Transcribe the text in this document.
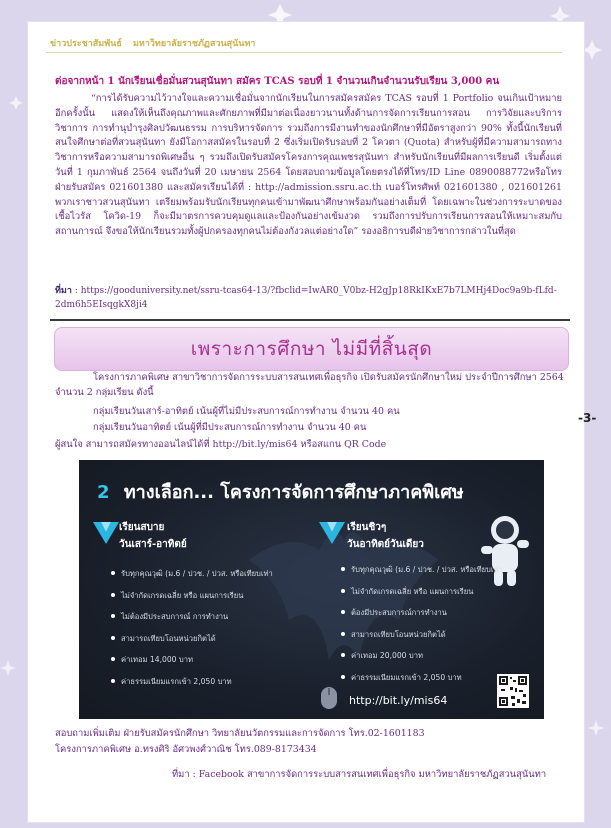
ข่าวประชาสัมพันธ์ มหาวิทยาลัยราชภัฏสวนสุนันทา
ต่อจากหน้า 1 นักเรียนเชื่อมั่นสวนสุนันทา สมัคร TCAS รอบที่ 1 จำนวนเกินจำนวนรับเรียน 3,000 คน

“การได้รับความไว้วางใจและความเชื่อมั่นจากนักเรียนในการสมัครสมัคร TCAS รอบที่ 1 Portfolio จนเกินเป้าหมายอีกครั้งนั้น แสดงให้เห็นถึงคุณภาพและศักยภาพที่มีมาต่อเนื่องยาวนานทั้งด้านการจัดการเรียนการสอน การวิจัยและบริการวิชาการ การทำนุบำรุงศิลปวัฒนธรรม การบริหารจัดการ รวมถึงการมีงานทำของนักศึกษาที่มีอัตราสูงกว่า 90% ทั้งนี้นักเรียนที่สนใจศึกษาต่อที่สวนสุนันทา ยังมีโอกาสสมัครในรอบที่ 2 ซึ่งเริ่มเปิดรับรอบที่ 2 โควตา (Quota) สำหรับผู้ที่มีความสามารถทางวิชาการหรือความสามารถพิเศษอื่น ๆ รวมถึงเปิดรับสมัครโครงการคุณเพชรสุนันทา สำหรับนักเรียนที่มีผลการเรียนดี เริ่มตั้งแต่วันที่ 1 กุมภาพันธ์ 2564 จนถึงวันที่ 20 เมษายน 2564 โดยสอบถามข้อมูลโดยตรงได้ที่โทร/ID Line 0890088772หรือโทรฝ่ายรับสมัคร 021601380 และสมัครเรียนได้ที่ : http://admission.ssru.ac.th เบอร์โทรศัพท์ 021601380 , 021601261 พวกเราชาวสวนสุนันทา เตรียมพร้อมรับนักเรียนทุกคนเข้ามาพัฒนาศึกษาพร้อมกันอย่างเต็มที่ โดยเฉพาะในช่วงการระบาดของเชื้อไวรัส โควิด-19 ก็จะมีมาตรการควบคุมดูแลและป้องกันอย่างเข้มงวด รวมถึงการปรับการเรียนการสอนให้เหมาะสมกับสถานการณ์ จึงขอให้นักเรียนรวมทั้งผู้ปกครองทุกคนไม่ต้องกังวลแต่อย่างใด” รองอธิการบดีฝ่ายวิชาการกล่าวในที่สุด

ที่มา : https://gooduniversity.net/ssru-tcas64-13/?fbclid=IwAR0_V0bz-H2gJp18RkIKxE7b7LMHj4Doc9a9b-fLfd-2dm6h5EIsqgkX8ji4

เพราะการศึกษา ไม่มีที่สิ้นสุด

โครงการภาคพิเศษ สาขาวิชาการจัดการระบบสารสนเทศเพื่อธุรกิจ เปิดรับสมัครนักศึกษาใหม่ ประจำปีการศึกษา 2564 จำนวน 2 กลุ่มเรียน ดังนี้

กลุ่มเรียนวันเสาร์-อาทิตย์ เน้นผู้ที่ไม่มีประสบการณ์การทำงาน จำนวน 40 คน
กลุ่มเรียนวันอาทิตย์ เน้นผู้ที่มีประสบการณ์การทำงาน จำนวน 40 คน
ผู้สนใจ สามารถสมัครทางออนไลน์ได้ที่ http://bit.ly/mis64 หรือสแกน QR Code
-3-
2 ทางเลือก... โครงการจัดการศึกษาภาคพิเศษ
เรียนสบาย
วันเสาร์-อาทิตย์
รับทุกคุณวุฒิ (ม.6 / ปวช. / ปวส. หรือเทียบเท่า
ไม่จำกัดเกรดเฉลี่ย หรือ แผนการเรียน
ไม่ต้องมีประสบการณ์ การทำงาน
สามารถเทียบโอนหน่วยกิตได้
ค่าเทอม 14,000 บาท
ค่าธรรมเนียมแรกเข้า 2,050 บาท
เรียนชิวๆ
วันอาทิตย์วันเดียว
รับทุกคุณวุฒิ (ม.6 / ปวช. / ปวส. หรือเทียบเท่า
ไม่จำกัดเกรดเฉลี่ย หรือ แผนการเรียน
ต้องมีประสบการณ์การทำงาน
สามารถเทียบโอนหน่วยกิตได้
ค่าเทอม 20,000 บาท
ค่าธรรมเนียมแรกเข้า 2,050 บาท
http://bit.ly/mis64
สอบถามเพิ่มเติม ฝ่ายรับสมัครนักศึกษา วิทยาลัยนวัตกรรมและการจัดการ โทร.02-1601183
โครงการภาคพิเศษ อ.ทรงศิริ อัศวพงศ์วาณิช โทร.089-8173434
ที่มา : Facebook สาขาการจัดการระบบสารสนเทศเพื่อธุรกิจ มหาวิทยาลัยราชภัฏสวนสุนันทา
